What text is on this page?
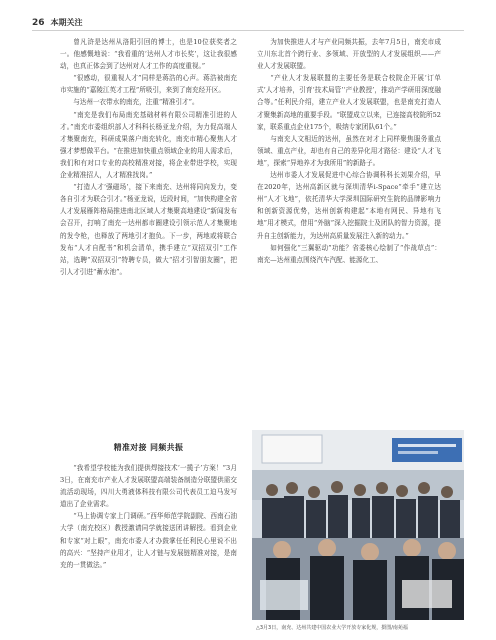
26 本期关注

曾凡浒是达州从洛阳引回的博士，也是10位获奖者之一。他感慨地说：“我看重的‘达州人才市长奖’，这让我很感动，也真正体会到了达州对人才工作的高度重视。”

“很感动，很重视人才”同样是蒋浩的心声。蒋浩被南充市实施的“嘉陵江英才工程”所吸引，来到了南充经开区。

与达州一衣带水的南充，注重“精准引才”。

“南充是我们布局南充基础材料有限公司精准引进的人才。”南充市委组织部人才科科长杨亚龙介绍，为力促高端人才集聚南充，科研成果落户南充转化，南充市精心聚焦人才强才梦想做平台。“在推进加快重点领域企业的用人需求后，我们和有对口专业的高校精准对接，将企业带进学校，实现企业精准招人，人才精准找岗。”

“打造人才‘强磁场’，接下来南充、达州将同向发力，变各自引才为联合引才。”杨亚龙说，近段时间，“加快构建全省人才发展雁阵格局推进南北区域人才集聚高地建设”新闻发布会召开，打响了南充一达州都市圈建设引领示范人才集聚地的发令枪，也释放了两地引才抱负。下一步，两地或将联合发布“人才自配书”和机会清单，携手建立“双招双引”工作站，选聘“双招双引”特聘专员，做大“招才引智朋友圈”，把引人才引进“蓄水池”。

精准对接 同频共振

“我希望学校能为我们提供焊接技术‘一揽子’方案！”3月3日，在南充市产业人才发展联盟高端装备制造分联盟供需交流活动现场，四川大勇液体科技有限公司代表员工迫马发写道出了企业需求。

“马上协调专家上门调研。”西华师范学院副院、西南石油大学（南充校区）教授激请同学就接送团讲解授。看到企业和专家“对上眼”，南充市委人才办鼓掌任任利民心里说不出的高兴：“坚持产业用才，让人才链与发展链精准对接，是南充的一贯做法。”

为加快推进人才与产业同频共振，去年7月5日，南充市成立川东北首个跨行业、多领域、开放型的人才发展组织——产业人才发展联盟。

“产业人才发展联盟的主要任务是联合校院企开展‘订单式’人才培养，引育‘技术局管’‘产业教授’，推动产学研用深度融合等。”任利民介绍，建立产业人才发展联盟，也是南充打造人才聚集新高地的重要手段。“联盟成立以来，已连接高校院所52家，联系重点企业175个，吸纳专家团队61个。”

与南充人文相近的达州，虽然在对才上同样聚焦服务重点领域、重点产业，却也有自己的差异化用才路径：建设“人才飞地”，探索“异地养才为我所用”的新路子。

达州市委人才发展促进中心综合协调科科长刘果介绍，早在2020年，达州高新区就与深圳清华i-Space“牵手”建立达州“人才飞地”，依托清华大学深圳国际研究生院的品牌影响力和创新资源优势，达州创新构建起“本地有网民、异地有飞地”用才模式，借用“外脑”深入挖掘院士及团队的智力资源，提升自主创新能力，为达州高质量发展注入新的动力。”

如何强化“三翼驱动”功能？省委核心绘制了“作战草点”：南充—达州重点围绕汽车汽配、能源化工、

△3月3日，南充、达州共建中国农业大学开放专家化规，摄图/南苑福
